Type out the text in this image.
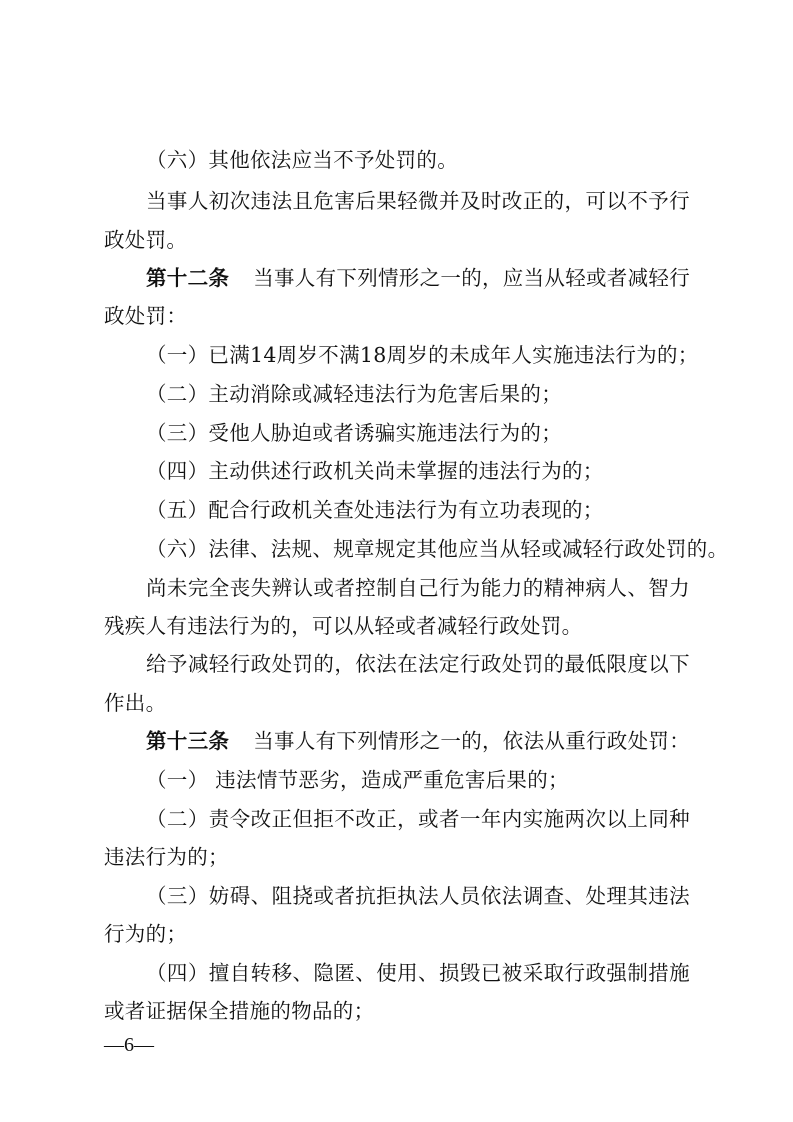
（六）其他依法应当不予处罚的。
当事人初次违法且危害后果轻微并及时改正的，可以不予行
政处罚。
第十二条 当事人有下列情形之一的，应当从轻或者减轻行
政处罚：
（一）已满14周岁不满18周岁的未成年人实施违法行为的；
（二）主动消除或减轻违法行为危害后果的；
（三）受他人胁迫或者诱骗实施违法行为的；
（四）主动供述行政机关尚未掌握的违法行为的；
（五）配合行政机关查处违法行为有立功表现的；
（六）法律、法规、规章规定其他应当从轻或减轻行政处罚的。
尚未完全丧失辨认或者控制自己行为能力的精神病人、智力
残疾人有违法行为的，可以从轻或者减轻行政处罚。
给予减轻行政处罚的，依法在法定行政处罚的最低限度以下
作出。
第十三条 当事人有下列情形之一的，依法从重行政处罚：
（一） 违法情节恶劣，造成严重危害后果的；
（二）责令改正但拒不改正，或者一年内实施两次以上同种
违法行为的；
（三）妨碍、阻挠或者抗拒执法人员依法调查、处理其违法
行为的；
（四）擅自转移、隐匿、使用、损毁已被采取行政强制措施
或者证据保全措施的物品的；
—6—
